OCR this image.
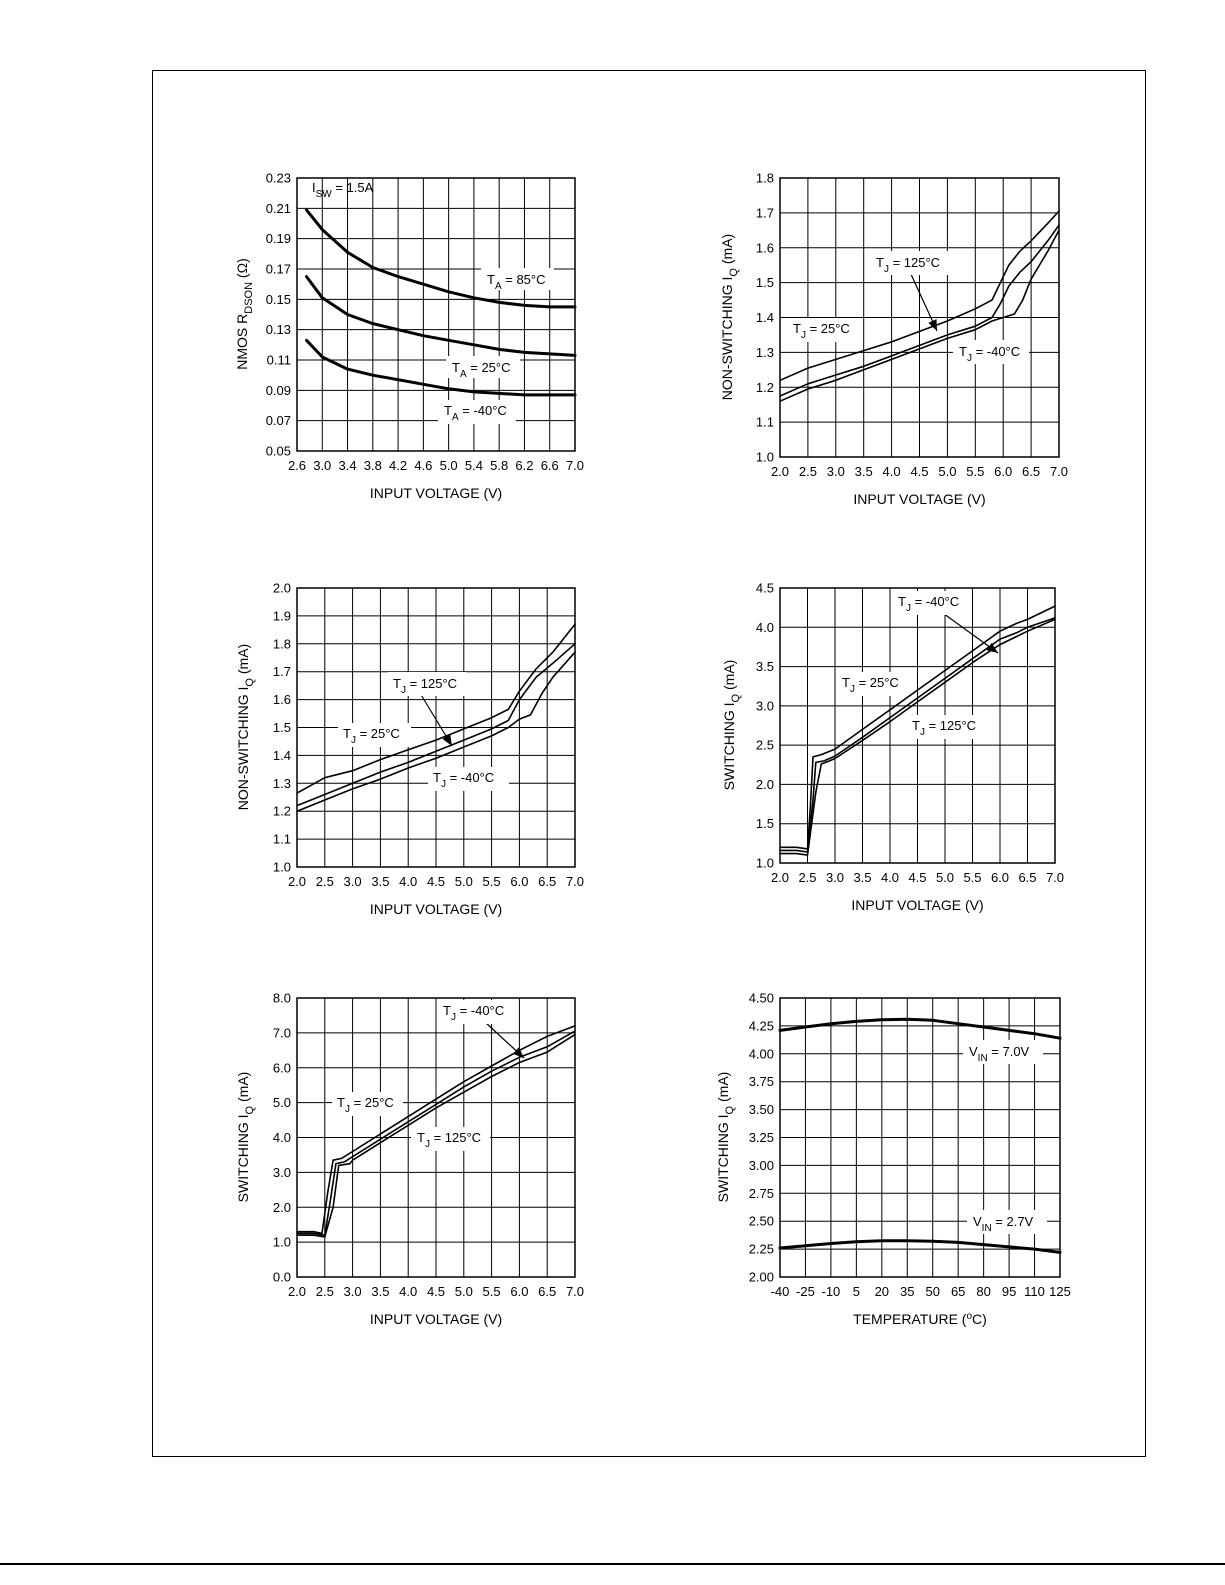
2.6 3.0 3.4 3.8 4.2 4.6 5.0 5.4 5.8 6.2 6.6 7.0
0.05
0.07
0.09
0.11
0.13
0.15
0.17
0.19
0.21
0.23
INPUT VOLTAGE (V)
NMOS $R_{DSON}$ (Ω)
$I_{SW} = 1.5A$
$T_A = 85^\circ C$
$T_A = 25^\circ C$
$T_A = -40^\circ C$
2.0 2.5 3.0 3.5 4.0 4.5 5.0 5.5 6.0 6.5 7.0
1.0
1.1
1.2
1.3
1.4
1.5
1.6
1.7
1.8
INPUT VOLTAGE (V)
NON-SWITCHING $I_Q$ (mA)
$T_J = 25^\circ C$
$T_J = 125^\circ C$
$T_J = -40^\circ C$
2.0 2.5 3.0 3.5 4.0 4.5 5.0 5.5 6.0 6.5 7.0
1.0
1.1
1.2
1.3
1.4
1.5
1.6
1.7
1.8
1.9
2.0
INPUT VOLTAGE (V)
NON-SWITCHING $I_Q$ (mA)
$T_J = 25^\circ C$
$T_J = 125^\circ C$
$T_J = -40^\circ C$
2.0 2.5 3.0 3.5 4.0 4.5 5.0 5.5 6.0 6.5 7.0
1.0
1.5
2.0
2.5
3.0
3.5
4.0
4.5
INPUT VOLTAGE (V)
SWITCHING $I_Q$ (mA)
$T_J = -40^\circ C$
$T_J = 25^\circ C$
$T_J = 125^\circ C$
2.0 2.5 3.0 3.5 4.0 4.5 5.0 5.5 6.0 6.5 7.0
0.0
1.0
2.0
3.0
4.0
5.0
6.0
7.0
8.0
INPUT VOLTAGE (V)
SWITCHING $I_Q$ (mA)
$T_J = -40^\circ C$
$T_J = 25^\circ C$
$T_J = 125^\circ C$
-40 -25 -10 5 20 35 50 65 80 95 110 125
2.00
2.25
2.50
2.75
3.00
3.25
3.50
3.75
4.00
4.25
4.50
TEMPERATURE ($^o$C)
SWITCHING $I_Q$ (mA)
$V_{IN} = 7.0V$
$V_{IN} = 2.7V$
